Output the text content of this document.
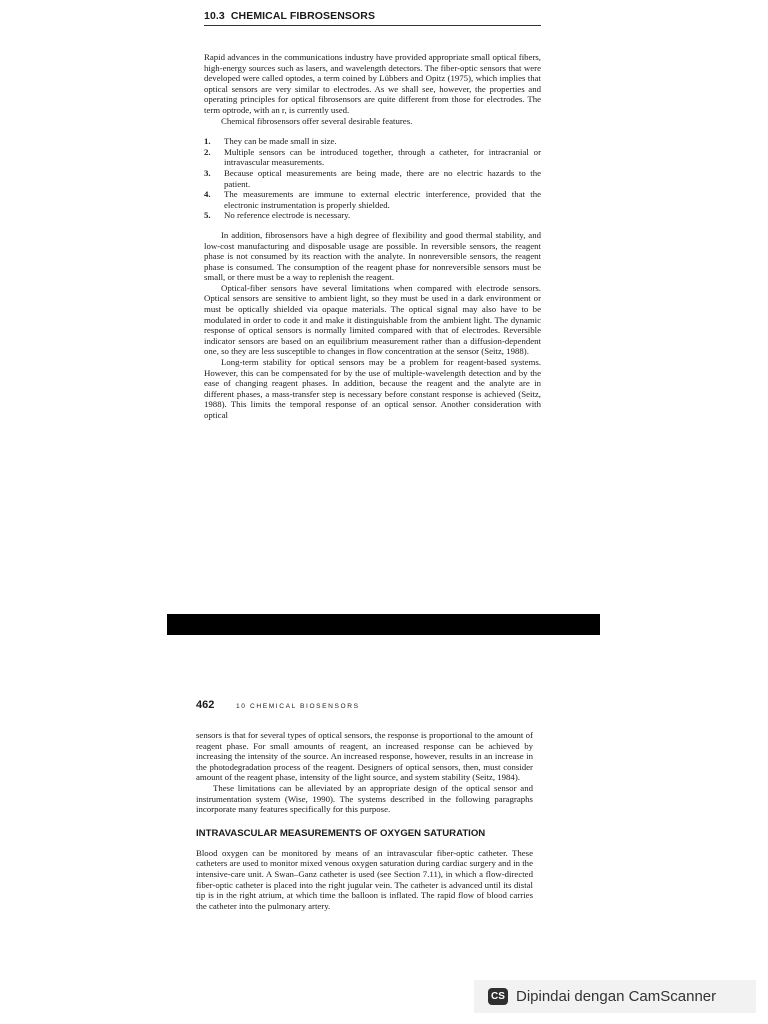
10.3 CHEMICAL FIBROSENSORS

Rapid advances in the communications industry have provided appropriate small optical fibers, high-energy sources such as lasers, and wavelength detectors. The fiber-optic sensors that were developed were called optodes, a term coined by Lübbers and Opitz (1975), which implies that optical sensors are very similar to electrodes. As we shall see, however, the properties and operating principles for optical fibrosensors are quite different from those for electrodes. The term optrode, with an r, is currently used.

Chemical fibrosensors offer several desirable features.

1.	They can be made small in size.
2.	Multiple sensors can be introduced together, through a catheter, for intracranial or intravascular measurements.
3.	Because optical measurements are being made, there are no electric hazards to the patient.
4.	The measurements are immune to external electric interference, provided that the electronic instrumentation is properly shielded.
5.	No reference electrode is necessary.

In addition, fibrosensors have a high degree of flexibility and good thermal stability, and low-cost manufacturing and disposable usage are possible. In reversible sensors, the reagent phase is not consumed by its reaction with the analyte. In nonreversible sensors, the reagent phase is consumed. The consumption of the reagent phase for nonreversible sensors must be small, or there must be a way to replenish the reagent.

Optical-fiber sensors have several limitations when compared with electrode sensors. Optical sensors are sensitive to ambient light, so they must be used in a dark environment or must be optically shielded via opaque materials. The optical signal may also have to be modulated in order to code it and make it distinguishable from the ambient light. The dynamic response of optical sensors is normally limited compared with that of electrodes. Reversible indicator sensors are based on an equilibrium measurement rather than a diffusion-dependent one, so they are less susceptible to changes in flow concentration at the sensor (Seitz, 1988).

Long-term stability for optical sensors may be a problem for reagent-based systems. However, this can be compensated for by the use of multiple-wavelength detection and by the ease of changing reagent phases. In addition, because the reagent and the analyte are in different phases, a mass-transfer step is necessary before constant response is achieved (Seitz, 1988). This limits the temporal response of an optical sensor. Another consideration with optical

462	10 CHEMICAL BIOSENSORS

sensors is that for several types of optical sensors, the response is proportional to the amount of reagent phase. For small amounts of reagent, an increased response can be achieved by increasing the intensity of the source. An increased response, however, results in an increase in the photodegradation process of the reagent. Designers of optical sensors, then, must consider amount of the reagent phase, intensity of the light source, and system stability (Seitz, 1984).

These limitations can be alleviated by an appropriate design of the optical sensor and instrumentation system (Wise, 1990). The systems described in the following paragraphs incorporate many features specifically for this purpose.

INTRAVASCULAR MEASUREMENTS OF OXYGEN SATURATION

Blood oxygen can be monitored by means of an intravascular fiber-optic catheter. These catheters are used to monitor mixed venous oxygen saturation during cardiac surgery and in the intensive-care unit. A Swan–Ganz catheter is used (see Section 7.11), in which a flow-directed fiber-optic catheter is placed into the right jugular vein. The catheter is advanced until its distal tip is in the right atrium, at which time the balloon is inflated. The rapid flow of blood carries the catheter into the pulmonary artery.

CS Dipindai dengan CamScanner
